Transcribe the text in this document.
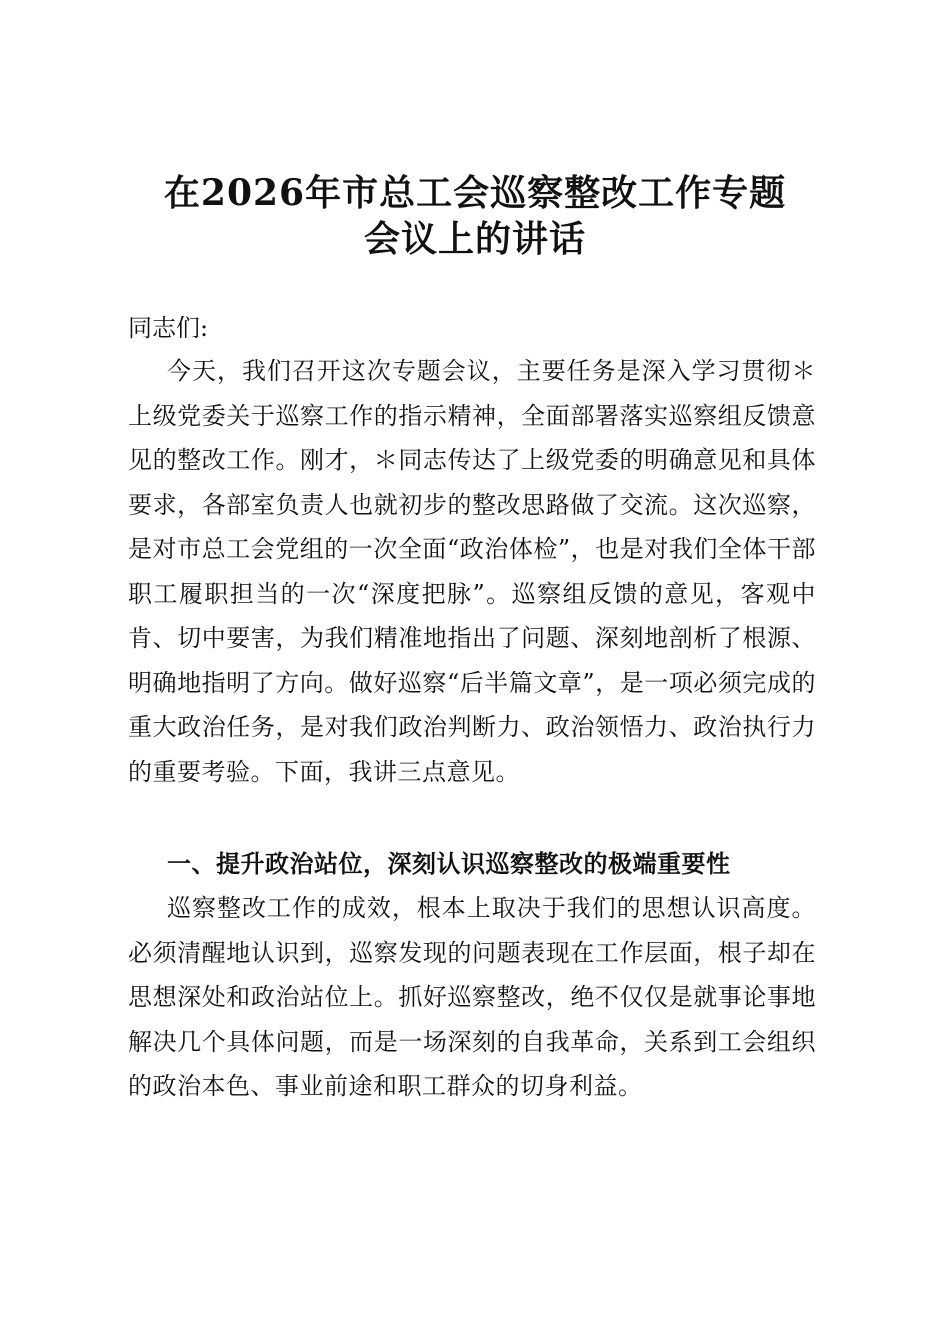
在2026年市总工会巡察整改工作专题
会议上的讲话
同志们:
今天，我们召开这次专题会议，主要任务是深入学习贯彻＊上级党委关于巡察工作的指示精神，全面部署落实巡察组反馈意见的整改工作。刚才，＊同志传达了上级党委的明确意见和具体要求，各部室负责人也就初步的整改思路做了交流。这次巡察，是对市总工会党组的一次全面“政治体检”，也是对我们全体干部职工履职担当的一次“深度把脉”。巡察组反馈的意见，客观中肯、切中要害，为我们精准地指出了问题、深刻地剖析了根源、明确地指明了方向。做好巡察“后半篇文章”，是一项必须完成的重大政治任务，是对我们政治判断力、政治领悟力、政治执行力的重要考验。下面，我讲三点意见。
一、提升政治站位，深刻认识巡察整改的极端重要性
巡察整改工作的成效，根本上取决于我们的思想认识高度。必须清醒地认识到，巡察发现的问题表现在工作层面，根子却在思想深处和政治站位上。抓好巡察整改，绝不仅仅是就事论事地解决几个具体问题，而是一场深刻的自我革命，关系到工会组织的政治本色、事业前途和职工群众的切身利益。
